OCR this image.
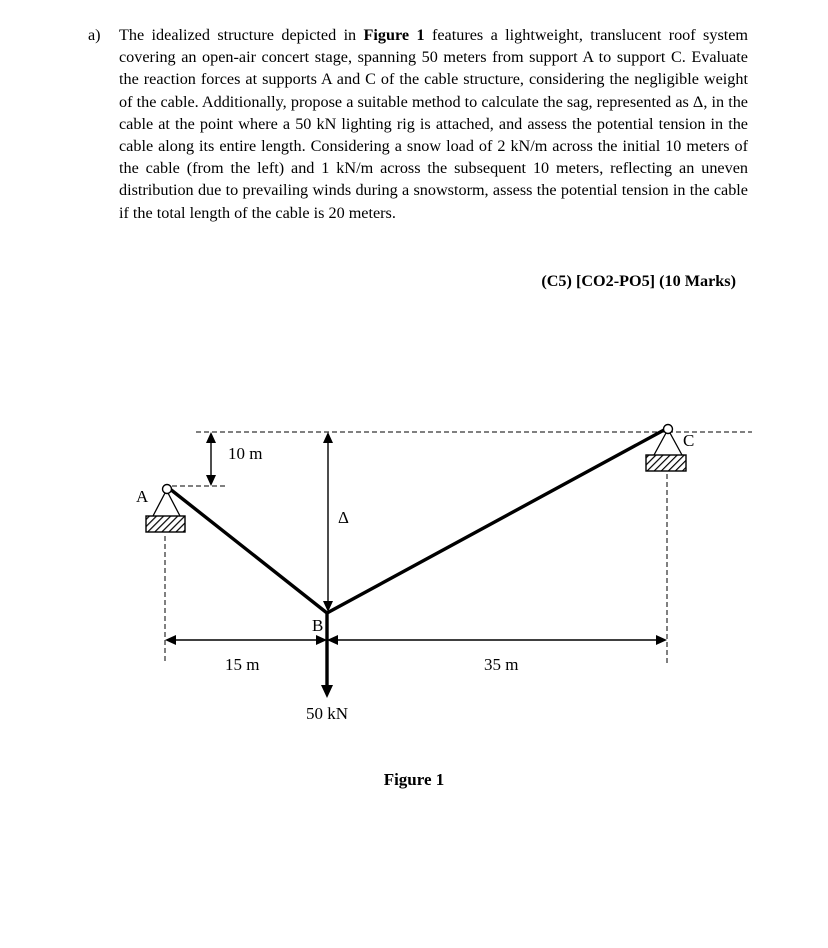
a) The idealized structure depicted in Figure 1 features a lightweight, translucent roof system covering an open-air concert stage, spanning 50 meters from support A to support C. Evaluate the reaction forces at supports A and C of the cable structure, considering the negligible weight of the cable. Additionally, propose a suitable method to calculate the sag, represented as Δ, in the cable at the point where a 50 kN lighting rig is attached, and assess the potential tension in the cable along its entire length. Considering a snow load of 2 kN/m across the initial 10 meters of the cable (from the left) and 1 kN/m across the subsequent 10 meters, reflecting an uneven distribution due to prevailing winds during a snowstorm, assess the potential tension in the cable if the total length of the cable is 20 meters.
(C5) [CO2-PO5] (10 Marks)
10 m
Δ
A
C
B
15 m	35 m
50 kN
Figure 1
